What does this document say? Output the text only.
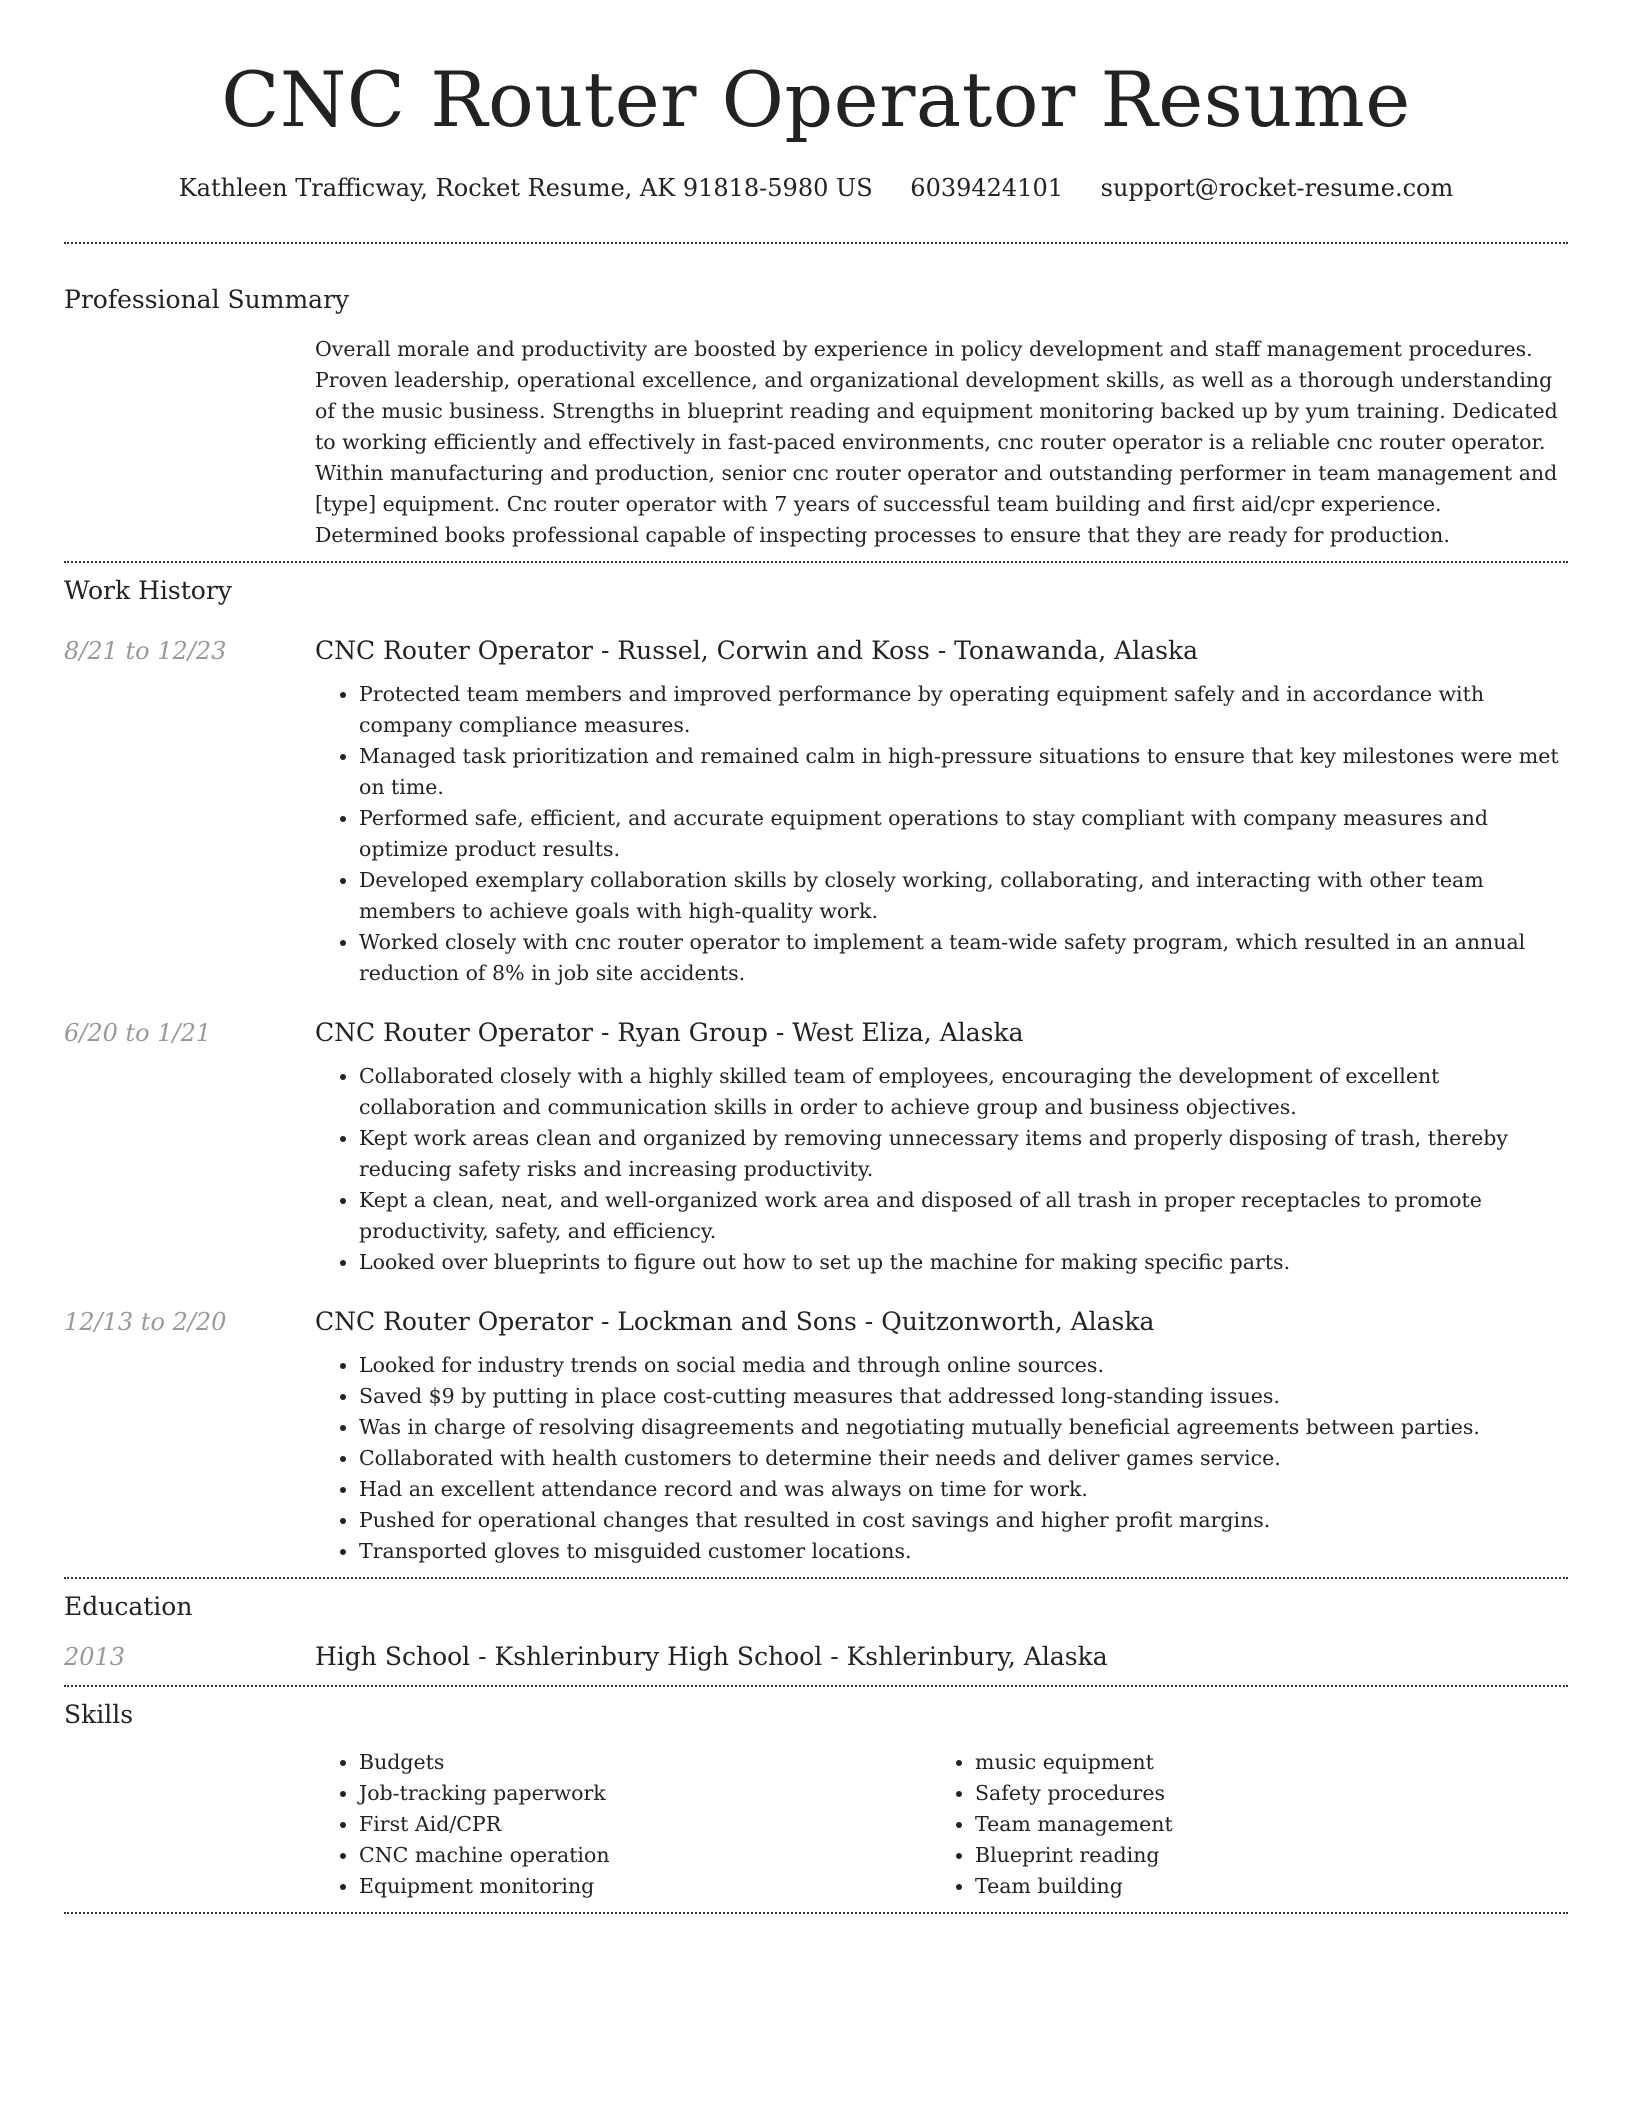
CNC Router Operator Resume
Kathleen Trafficway, Rocket Resume, AK 91818-5980 US 6039424101 support@rocket-resume.com
Professional Summary
Overall morale and productivity are boosted by experience in policy development and staff management procedures. Proven leadership, operational excellence, and organizational development skills, as well as a thorough understanding of the music business. Strengths in blueprint reading and equipment monitoring backed up by yum training. Dedicated to working efficiently and effectively in fast-paced environments, cnc router operator is a reliable cnc router operator. Within manufacturing and production, senior cnc router operator and outstanding performer in team management and [type] equipment. Cnc router operator with 7 years of successful team building and first aid/cpr experience. Determined books professional capable of inspecting processes to ensure that they are ready for production.
Work History
8/21 to 12/23	CNC Router Operator - Russel, Corwin and Koss - Tonawanda, Alaska
• Protected team members and improved performance by operating equipment safely and in accordance with company compliance measures.
• Managed task prioritization and remained calm in high-pressure situations to ensure that key milestones were met on time.
• Performed safe, efficient, and accurate equipment operations to stay compliant with company measures and optimize product results.
• Developed exemplary collaboration skills by closely working, collaborating, and interacting with other team members to achieve goals with high-quality work.
• Worked closely with cnc router operator to implement a team-wide safety program, which resulted in an annual reduction of 8% in job site accidents.
6/20 to 1/21	CNC Router Operator - Ryan Group - West Eliza, Alaska
• Collaborated closely with a highly skilled team of employees, encouraging the development of excellent collaboration and communication skills in order to achieve group and business objectives.
• Kept work areas clean and organized by removing unnecessary items and properly disposing of trash, thereby reducing safety risks and increasing productivity.
• Kept a clean, neat, and well-organized work area and disposed of all trash in proper receptacles to promote productivity, safety, and efficiency.
• Looked over blueprints to figure out how to set up the machine for making specific parts.
12/13 to 2/20	CNC Router Operator - Lockman and Sons - Quitzonworth, Alaska
• Looked for industry trends on social media and through online sources.
• Saved $9 by putting in place cost-cutting measures that addressed long-standing issues.
• Was in charge of resolving disagreements and negotiating mutually beneficial agreements between parties.
• Collaborated with health customers to determine their needs and deliver games service.
• Had an excellent attendance record and was always on time for work.
• Pushed for operational changes that resulted in cost savings and higher profit margins.
• Transported gloves to misguided customer locations.
Education
2013	High School - Kshlerinbury High School - Kshlerinbury, Alaska
Skills
• Budgets
• Job-tracking paperwork
• First Aid/CPR
• CNC machine operation
• Equipment monitoring
• music equipment
• Safety procedures
• Team management
• Blueprint reading
• Team building
